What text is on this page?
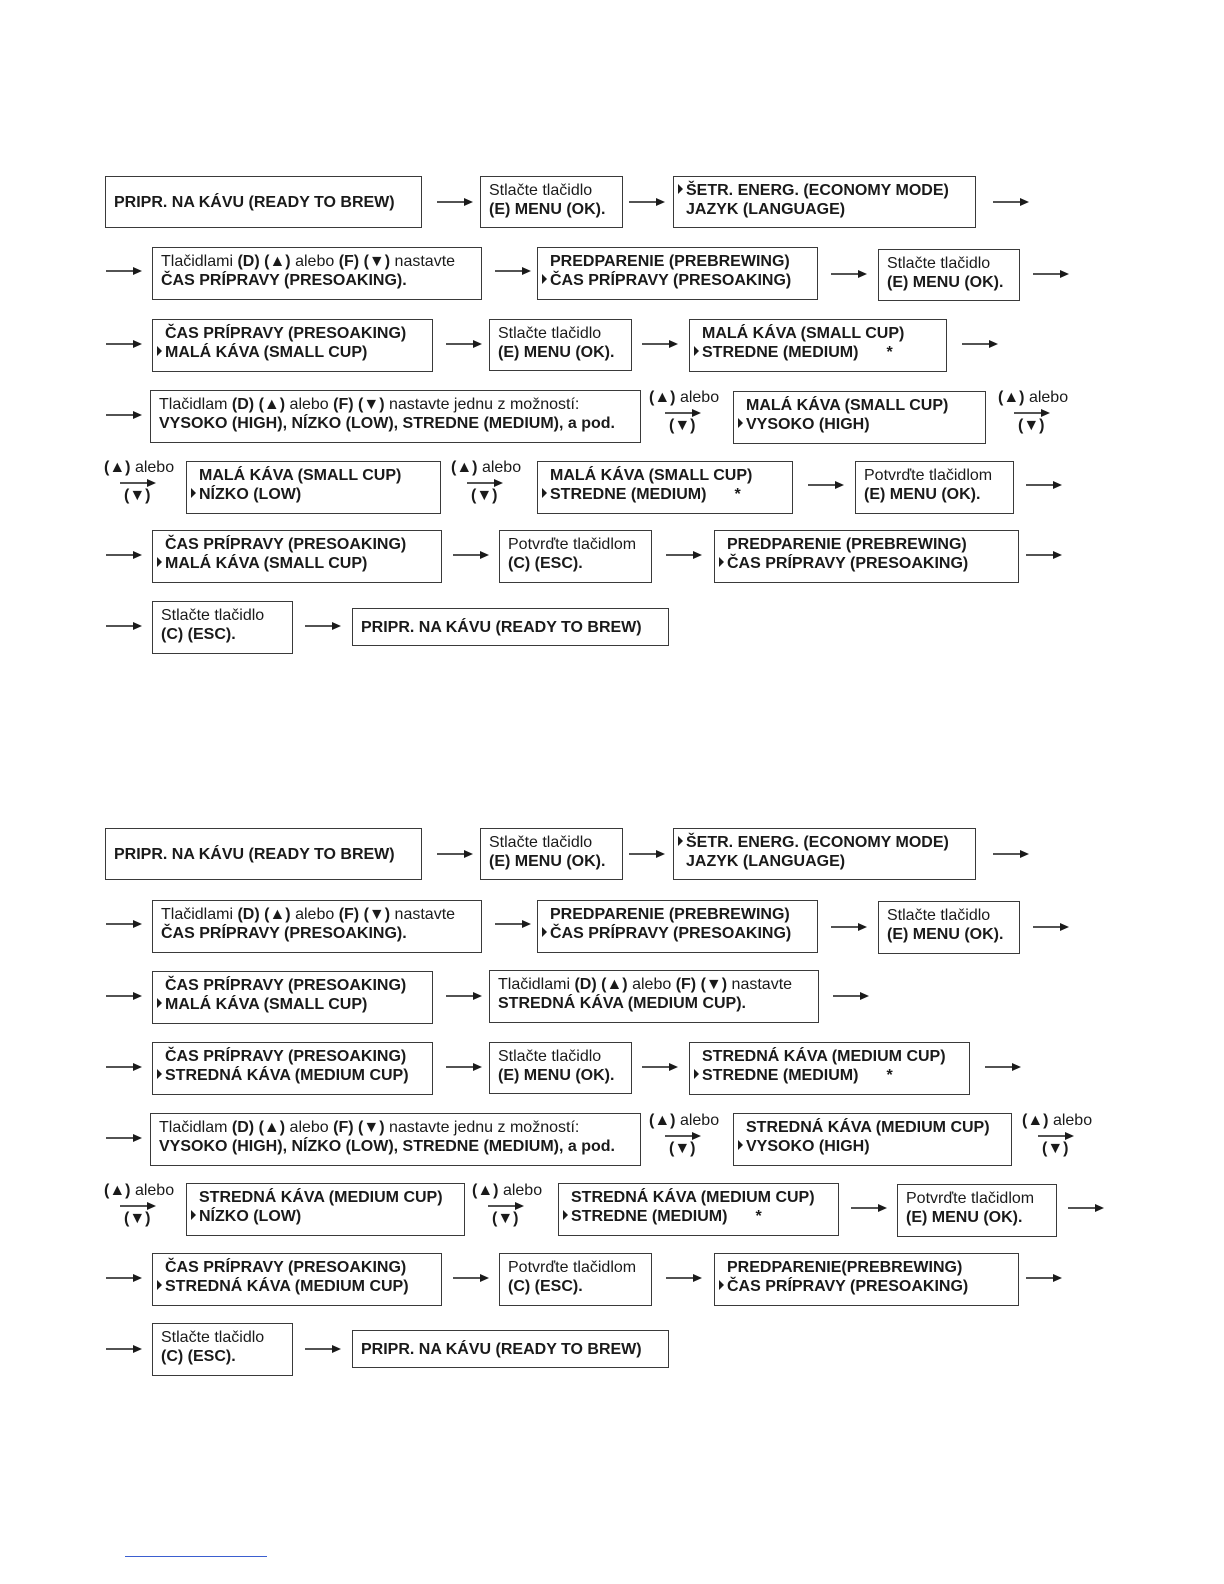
PRIPR. NA KÁVU (READY TO BREW)
Stlačte tlačidlo
(E) MENU (OK).
ŠETR. ENERG. (ECONOMY MODE)
JAZYK (LANGUAGE)
Tlačidlami (D) (▲) alebo (F) (▼) nastavte
ČAS PRÍPRAVY (PRESOAKING).
PREDPARENIE (PREBREWING)
ČAS PRÍPRAVY (PRESOAKING)
Stlačte tlačidlo
(E) MENU (OK).
ČAS PRÍPRAVY (PRESOAKING)
MALÁ KÁVA (SMALL CUP)
Stlačte tlačidlo
(E) MENU (OK).
MALÁ KÁVA (SMALL CUP)
STREDNE (MEDIUM) *
Tlačidlam (D) (▲) alebo (F) (▼) nastavte jednu z možností:
VYSOKO (HIGH), NÍZKO (LOW), STREDNE (MEDIUM), a pod.
(▲) alebo
(▼)
MALÁ KÁVA (SMALL CUP)
VYSOKO (HIGH)
(▲) alebo
(▼)
(▲) alebo
(▼)
MALÁ KÁVA (SMALL CUP)
NÍZKO (LOW)
(▲) alebo
(▼)
MALÁ KÁVA (SMALL CUP)
STREDNE (MEDIUM) *
Potvrďte tlačidlom
(E) MENU (OK).
ČAS PRÍPRAVY (PRESOAKING)
MALÁ KÁVA (SMALL CUP)
Potvrďte tlačidlom
(C) (ESC).
PREDPARENIE (PREBREWING)
ČAS PRÍPRAVY (PRESOAKING)
Stlačte tlačidlo
(C) (ESC).	PRIPR. NA KÁVU (READY TO BREW)
PRIPR. NA KÁVU (READY TO BREW)
Stlačte tlačidlo
(E) MENU (OK).
ŠETR. ENERG. (ECONOMY MODE)
JAZYK (LANGUAGE)
Tlačidlami (D) (▲) alebo (F) (▼) nastavte
ČAS PRÍPRAVY (PRESOAKING).
PREDPARENIE (PREBREWING)
ČAS PRÍPRAVY (PRESOAKING)
Stlačte tlačidlo
(E) MENU (OK).
ČAS PRÍPRAVY (PRESOAKING)
MALÁ KÁVA (SMALL CUP)
Tlačidlami (D) (▲) alebo (F) (▼) nastavte
STREDNÁ KÁVA (MEDIUM CUP).
ČAS PRÍPRAVY (PRESOAKING)
STREDNÁ KÁVA (MEDIUM CUP)
Stlačte tlačidlo
(E) MENU (OK).
STREDNÁ KÁVA (MEDIUM CUP)
STREDNE (MEDIUM) *
Tlačidlam (D) (▲) alebo (F) (▼) nastavte jednu z možností:
VYSOKO (HIGH), NÍZKO (LOW), STREDNE (MEDIUM), a pod.
(▲) alebo
(▼)
STREDNÁ KÁVA (MEDIUM CUP)
VYSOKO (HIGH)
(▲) alebo
(▼)
(▲) alebo
(▼)
STREDNÁ KÁVA (MEDIUM CUP)
NÍZKO (LOW)
(▲) alebo
(▼)
STREDNÁ KÁVA (MEDIUM CUP)
STREDNE (MEDIUM) *
Potvrďte tlačidlom
(E) MENU (OK).
ČAS PRÍPRAVY (PRESOAKING)
STREDNÁ KÁVA (MEDIUM CUP)
Potvrďte tlačidlom
(C) (ESC).
PREDPARENIE(PREBREWING)
ČAS PRÍPRAVY (PRESOAKING)
Stlačte tlačidlo
(C) (ESC).	PRIPR. NA KÁVU (READY TO BREW)
